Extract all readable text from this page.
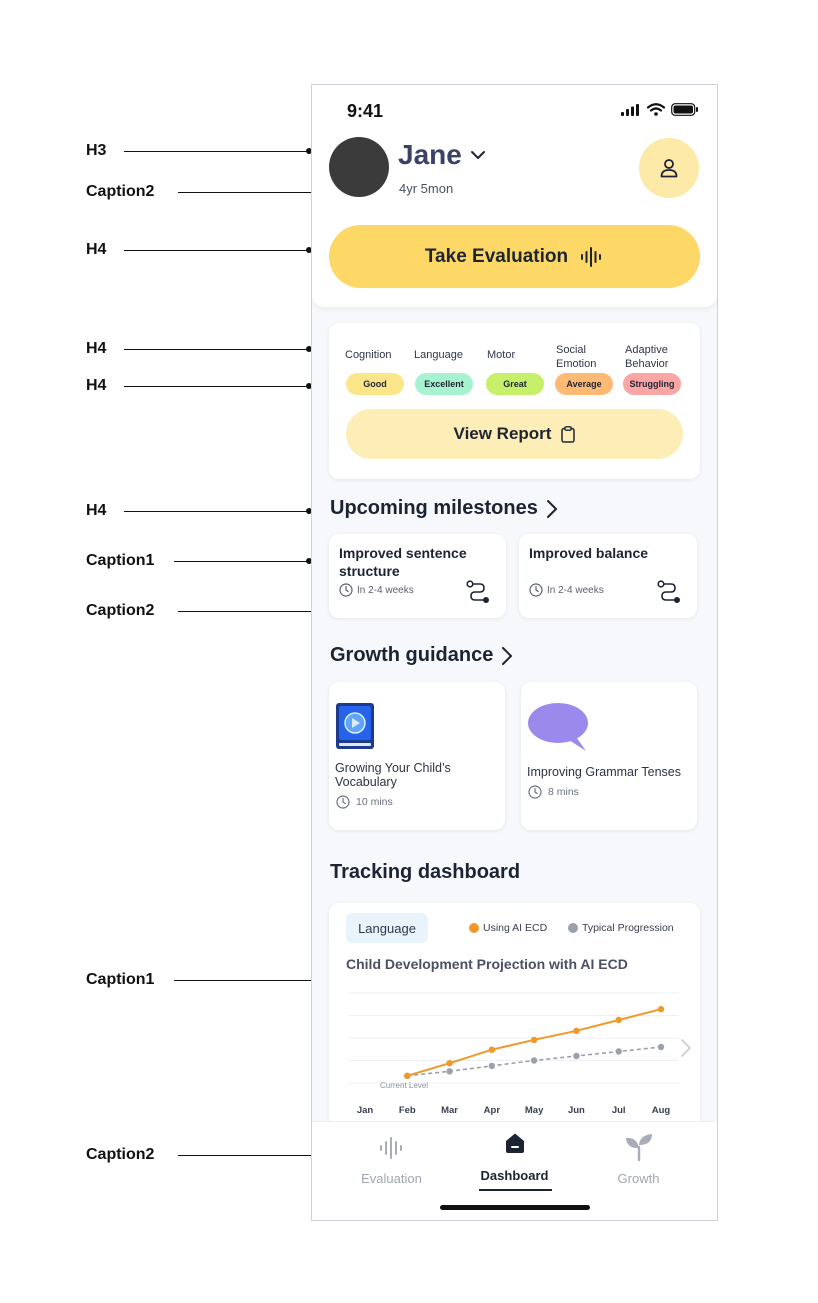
H3
Caption2
H4
H4
H4
H4
Caption1
Caption2
Caption1
Caption2
9:41
Jane
4yr 5mon
Take Evaluation
Cognition
Good
Language
Excellent
Motor
Great
Social Emotion
Average
Adaptive Behavior
Struggling
View Report
Upcoming milestones
Improved sentence structure
In 2-4 weeks
Improved balance
In 2-4 weeks
Growth guidance
Growing Your Child’s Vocabulary
10 mins
Improving Grammar Tenses
8 mins
Tracking dashboard
Language	Using AI ECD	Typical Progression
Child Development Projection with AI ECD
Jan	Feb	Mar	Apr	May	Jun	Jul	Aug
Current Level
Evaluation	Dashboard	Growth
